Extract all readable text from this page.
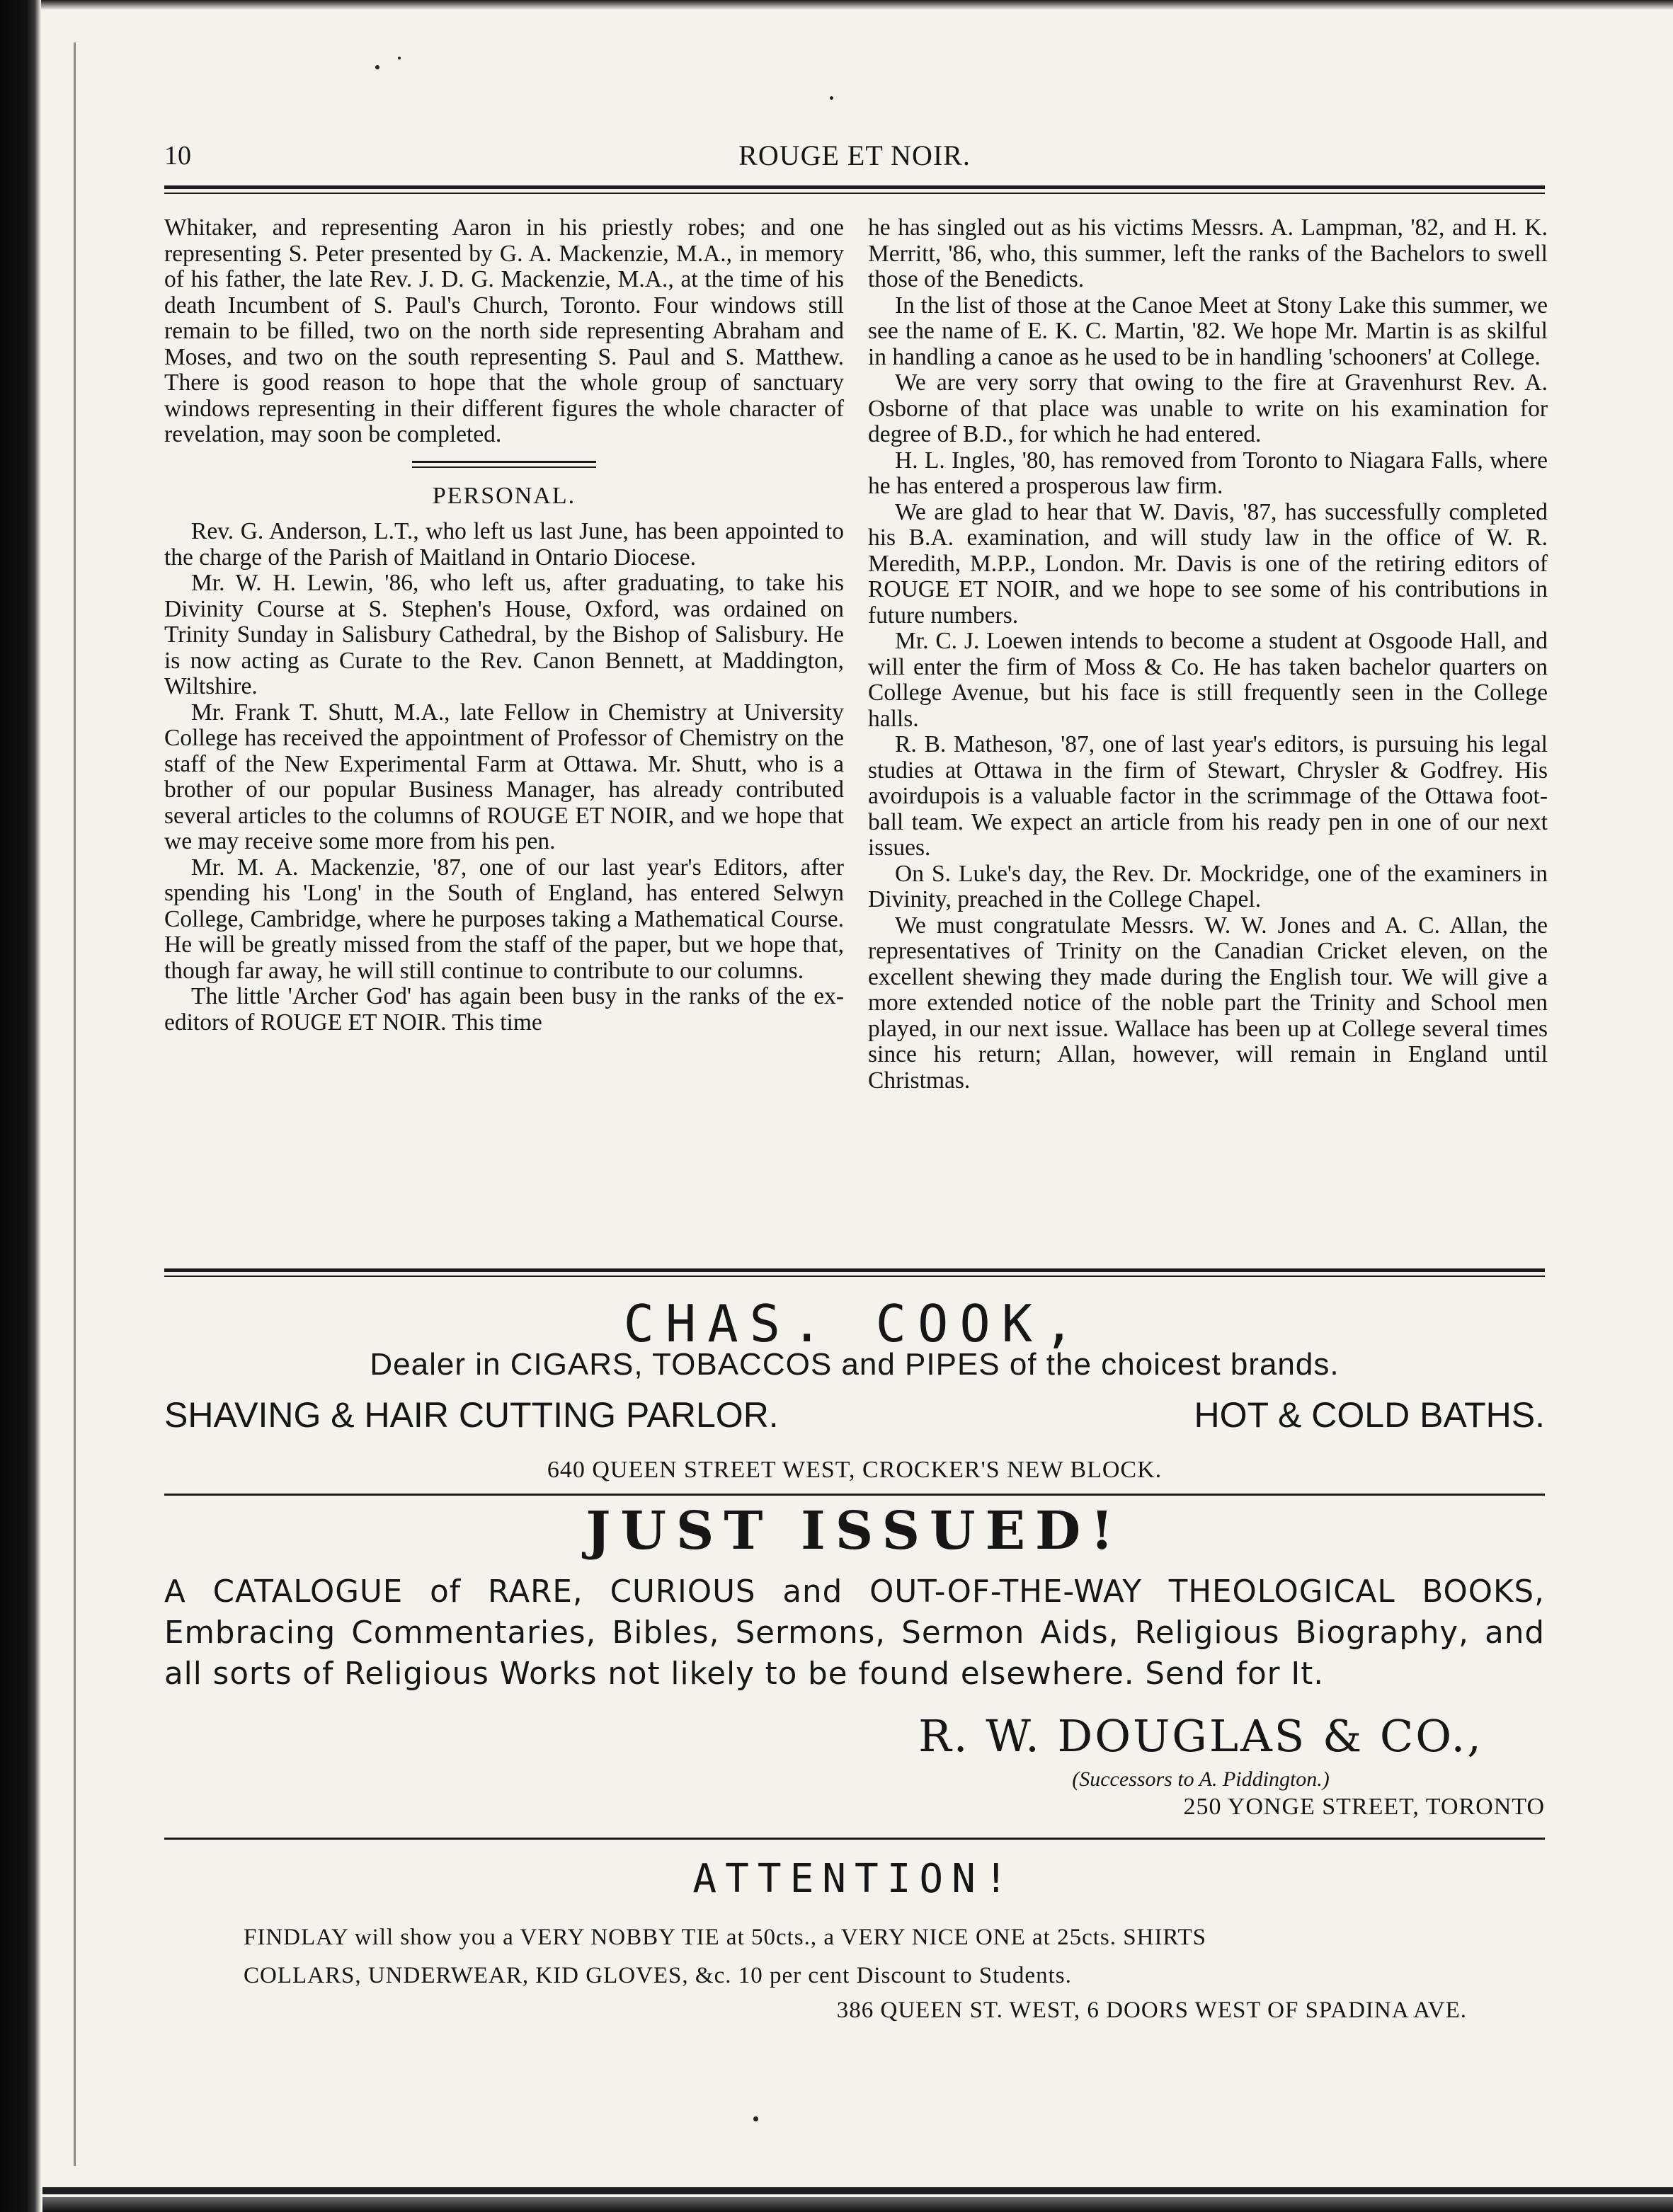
10	ROUGE ET NOIR.

Whitaker, and representing Aaron in his priestly robes; and one representing S. Peter presented by G. A. Mackenzie, M.A., in memory of his father, the late Rev. J. D. G. Mackenzie, M.A., at the time of his death Incumbent of S. Paul's Church, Toronto. Four windows still remain to be filled, two on the north side representing Abraham and Moses, and two on the south representing S. Paul and S. Matthew. There is good reason to hope that the whole group of sanctuary windows representing in their different figures the whole character of revelation, may soon be completed.

PERSONAL.

Rev. G. Anderson, L.T., who left us last June, has been appointed to the charge of the Parish of Maitland in Ontario Diocese.

Mr. W. H. Lewin, '86, who left us, after graduating, to take his Divinity Course at S. Stephen's House, Oxford, was ordained on Trinity Sunday in Salisbury Cathedral, by the Bishop of Salisbury. He is now acting as Curate to the Rev. Canon Bennett, at Maddington, Wiltshire.

Mr. Frank T. Shutt, M.A., late Fellow in Chemistry at University College has received the appointment of Professor of Chemistry on the staff of the New Experimental Farm at Ottawa. Mr. Shutt, who is a brother of our popular Business Manager, has already contributed several articles to the columns of ROUGE ET NOIR, and we hope that we may receive some more from his pen.

Mr. M. A. Mackenzie, '87, one of our last year's Editors, after spending his 'Long' in the South of England, has entered Selwyn College, Cambridge, where he purposes taking a Mathematical Course. He will be greatly missed from the staff of the paper, but we hope that, though far away, he will still continue to contribute to our columns.

The little 'Archer God' has again been busy in the ranks of the ex-editors of ROUGE ET NOIR. This time

he has singled out as his victims Messrs. A. Lampman, '82, and H. K. Merritt, '86, who, this summer, left the ranks of the Bachelors to swell those of the Benedicts.

In the list of those at the Canoe Meet at Stony Lake this summer, we see the name of E. K. C. Martin, '82. We hope Mr. Martin is as skilful in handling a canoe as he used to be in handling 'schooners' at College.

We are very sorry that owing to the fire at Gravenhurst Rev. A. Osborne of that place was unable to write on his examination for degree of B.D., for which he had entered.

H. L. Ingles, '80, has removed from Toronto to Niagara Falls, where he has entered a prosperous law firm.

We are glad to hear that W. Davis, '87, has successfully completed his B.A. examination, and will study law in the office of W. R. Meredith, M.P.P., London. Mr. Davis is one of the retiring editors of ROUGE ET NOIR, and we hope to see some of his contributions in future numbers.

Mr. C. J. Loewen intends to become a student at Osgoode Hall, and will enter the firm of Moss & Co. He has taken bachelor quarters on College Avenue, but his face is still frequently seen in the College halls.

R. B. Matheson, '87, one of last year's editors, is pursuing his legal studies at Ottawa in the firm of Stewart, Chrysler & Godfrey. His avoirdupois is a valuable factor in the scrimmage of the Ottawa foot-ball team. We expect an article from his ready pen in one of our next issues.

On S. Luke's day, the Rev. Dr. Mockridge, one of the examiners in Divinity, preached in the College Chapel.

We must congratulate Messrs. W. W. Jones and A. C. Allan, the representatives of Trinity on the Canadian Cricket eleven, on the excellent shewing they made during the English tour. We will give a more extended notice of the noble part the Trinity and School men played, in our next issue. Wallace has been up at College several times since his return; Allan, however, will remain in England until Christmas.

CHAS. COOK,
Dealer in CIGARS, TOBACCOS and PIPES of the choicest brands.
SHAVING & HAIR CUTTING PARLOR.	HOT & COLD BATHS.
640 QUEEN STREET WEST, CROCKER'S NEW BLOCK.
JUST ISSUED!
A CATALOGUE of RARE, CURIOUS and OUT-OF-THE-WAY THEOLOGICAL BOOKS, Embracing Commentaries, Bibles, Sermons, Sermon Aids, Religious Biography, and all sorts of Religious Works not likely to be found elsewhere. Send for It.
R. W. DOUGLAS & CO.,
(Successors to A. Piddington.)
250 YONGE STREET, TORONTO
ATTENTION!
FINDLAY will show you a VERY NOBBY TIE at 50cts., a VERY NICE ONE at 25cts. SHIRTS
COLLARS, UNDERWEAR, KID GLOVES, &c. 10 per cent Discount to Students.
386 QUEEN ST. WEST, 6 DOORS WEST OF SPADINA AVE.
